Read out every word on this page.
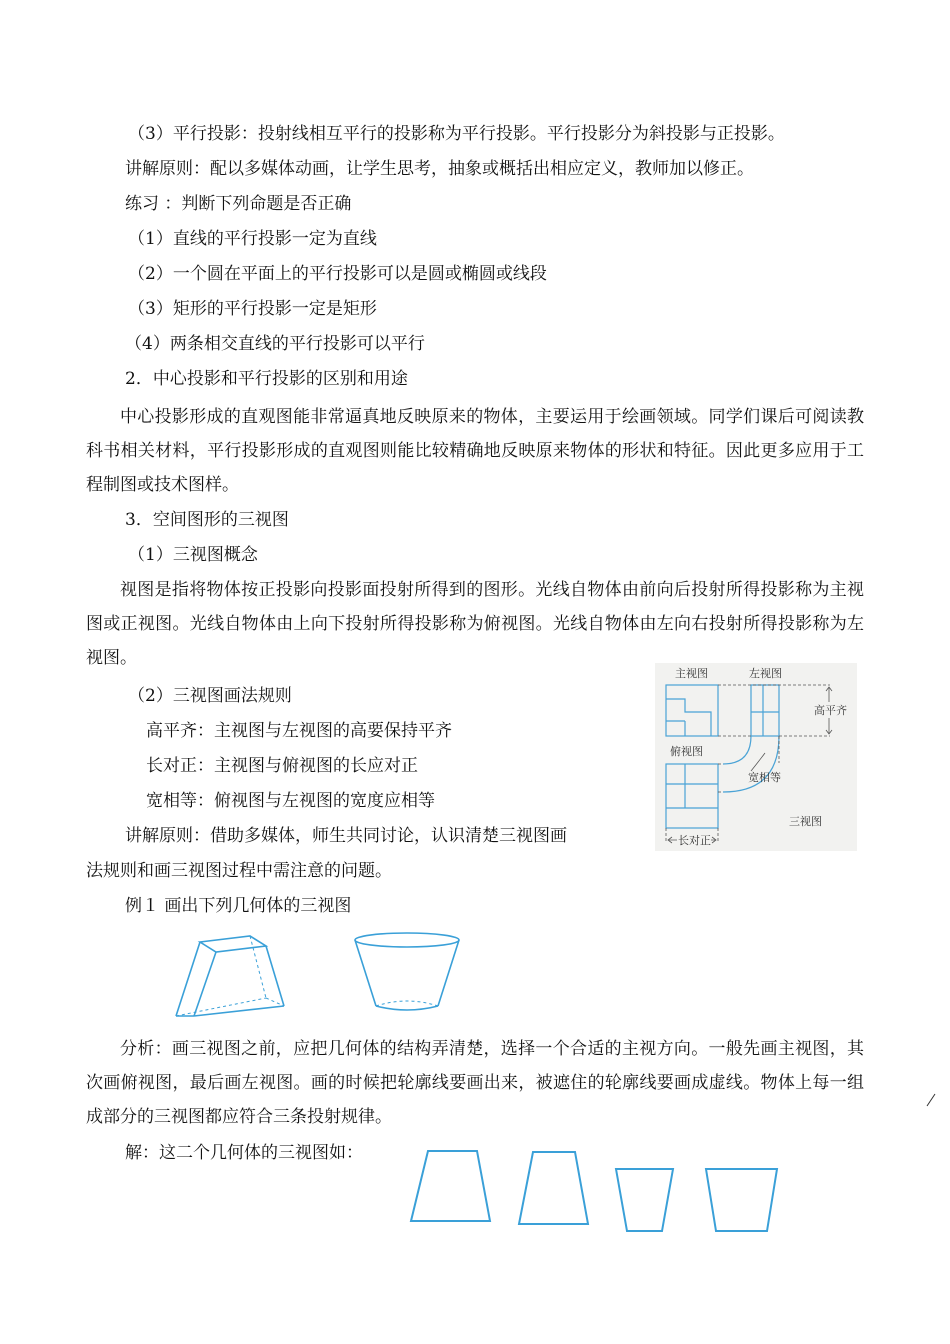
（3）平行投影：投射线相互平行的投影称为平行投影。平行投影分为斜投影与正投影。
讲解原则：配以多媒体动画，让学生思考，抽象或概括出相应定义，教师加以修正。
练习 ：判断下列命题是否正确
（1）直线的平行投影一定为直线
（2）一个圆在平面上的平行投影可以是圆或椭圆或线段
（3）矩形的平行投影一定是矩形
（4）两条相交直线的平行投影可以平行
2．中心投影和平行投影的区别和用途
中心投影形成的直观图能非常逼真地反映原来的物体，主要运用于绘画领域。同学们课后可阅读教科书相关材料，平行投影形成的直观图则能比较精确地反映原来物体的形状和特征。因此更多应用于工程制图或技术图样。
3．空间图形的三视图
（1）三视图概念
视图是指将物体按正投影向投影面投射所得到的图形。光线自物体由前向后投射所得投影称为主视图或正视图。光线自物体由上向下投射所得投影称为俯视图。光线自物体由左向右投射所得投影称为左视图。
（2）三视图画法规则
高平齐：主视图与左视图的高要保持平齐
长对正：主视图与俯视图的长应对正
宽相等：俯视图与左视图的宽度应相等
讲解原则：借助多媒体，师生共同讨论，认识清楚三视图画
法规则和画三视图过程中需注意的问题。
主视图	左视图
高平齐
俯视图
宽相等
三视图
长对正
例１ 画出下列几何体的三视图
分析：画三视图之前，应把几何体的结构弄清楚，选择一个合适的主视方向。一般先画主视图，其次画俯视图，最后画左视图。画的时候把轮廓线要画出来，被遮住的轮廓线要画成虚线。物体上每一组成部分的三视图都应符合三条投射规律。
解：这二个几何体的三视图如：
